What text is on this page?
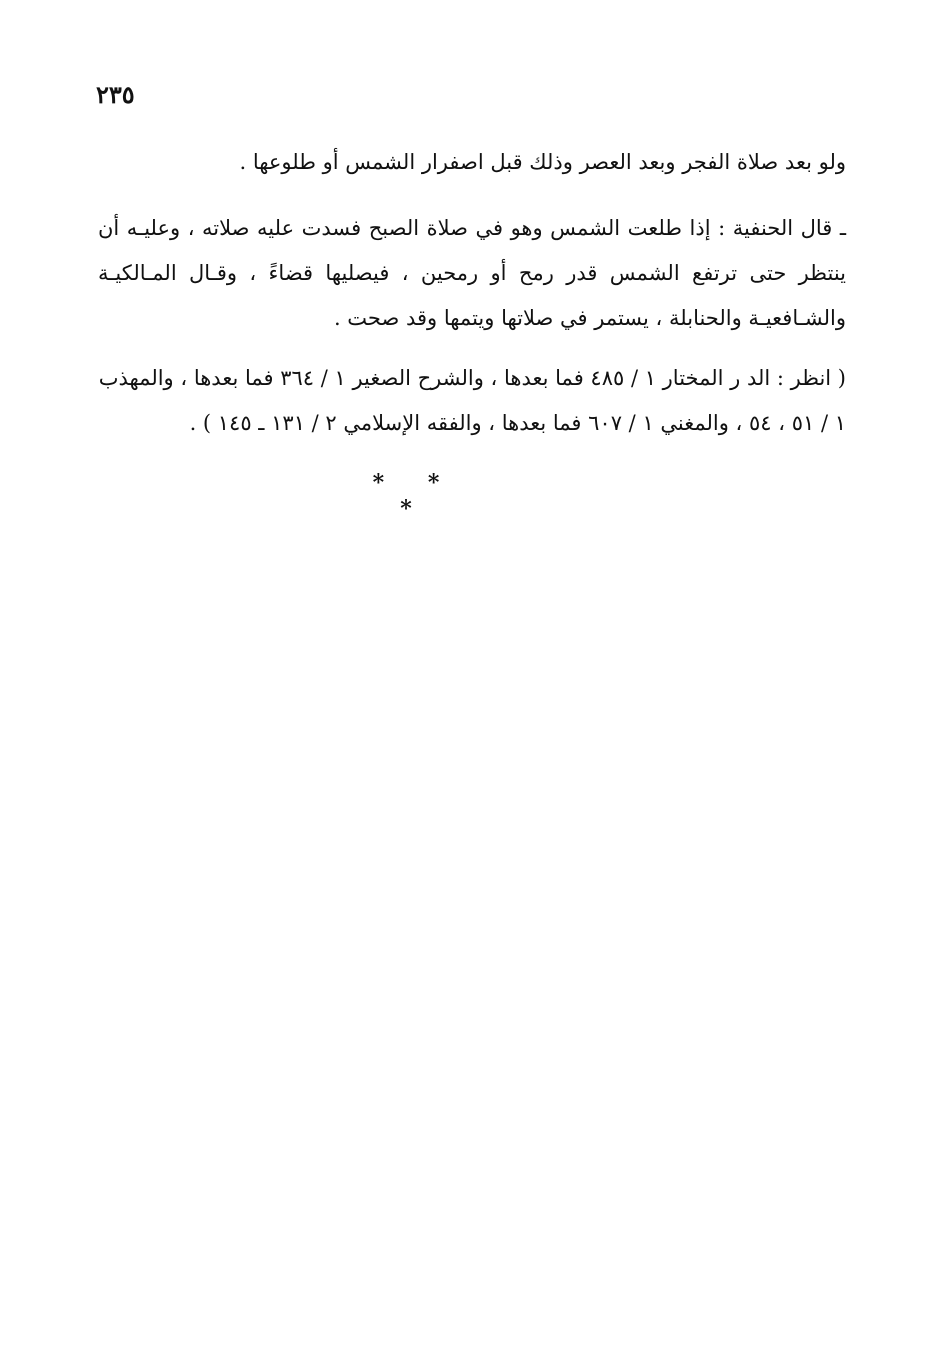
٢٣٥

ولو بعد صلاة الفجر وبعد العصر وذلك قبل اصفرار الشمس أو طلوعها .

ـ قال الحنفية : إذا طلعت الشمس وهو في صلاة الصبح فسدت عليه صلاته ، وعليـه أن ينتظر حتى ترتفع الشمس قدر رمح أو رمحين ، فيصليها قضاءً ، وقـال المـالكيـة والشـافعيـة والحنابلة ، يستمر في صلاتها ويتمها وقد صحت .

( انظر : الد ر المختار ١ / ٤٨٥ فما بعدها ، والشرح الصغير ١ / ٣٦٤ فما بعدها ، والمهذب
١ / ٥١ ، ٥٤ ، والمغني ١ / ٦٠٧ فما بعدها ، والفقه الإسلامي ٢ / ١٣١ ـ ١٤٥ ) .
* * *
